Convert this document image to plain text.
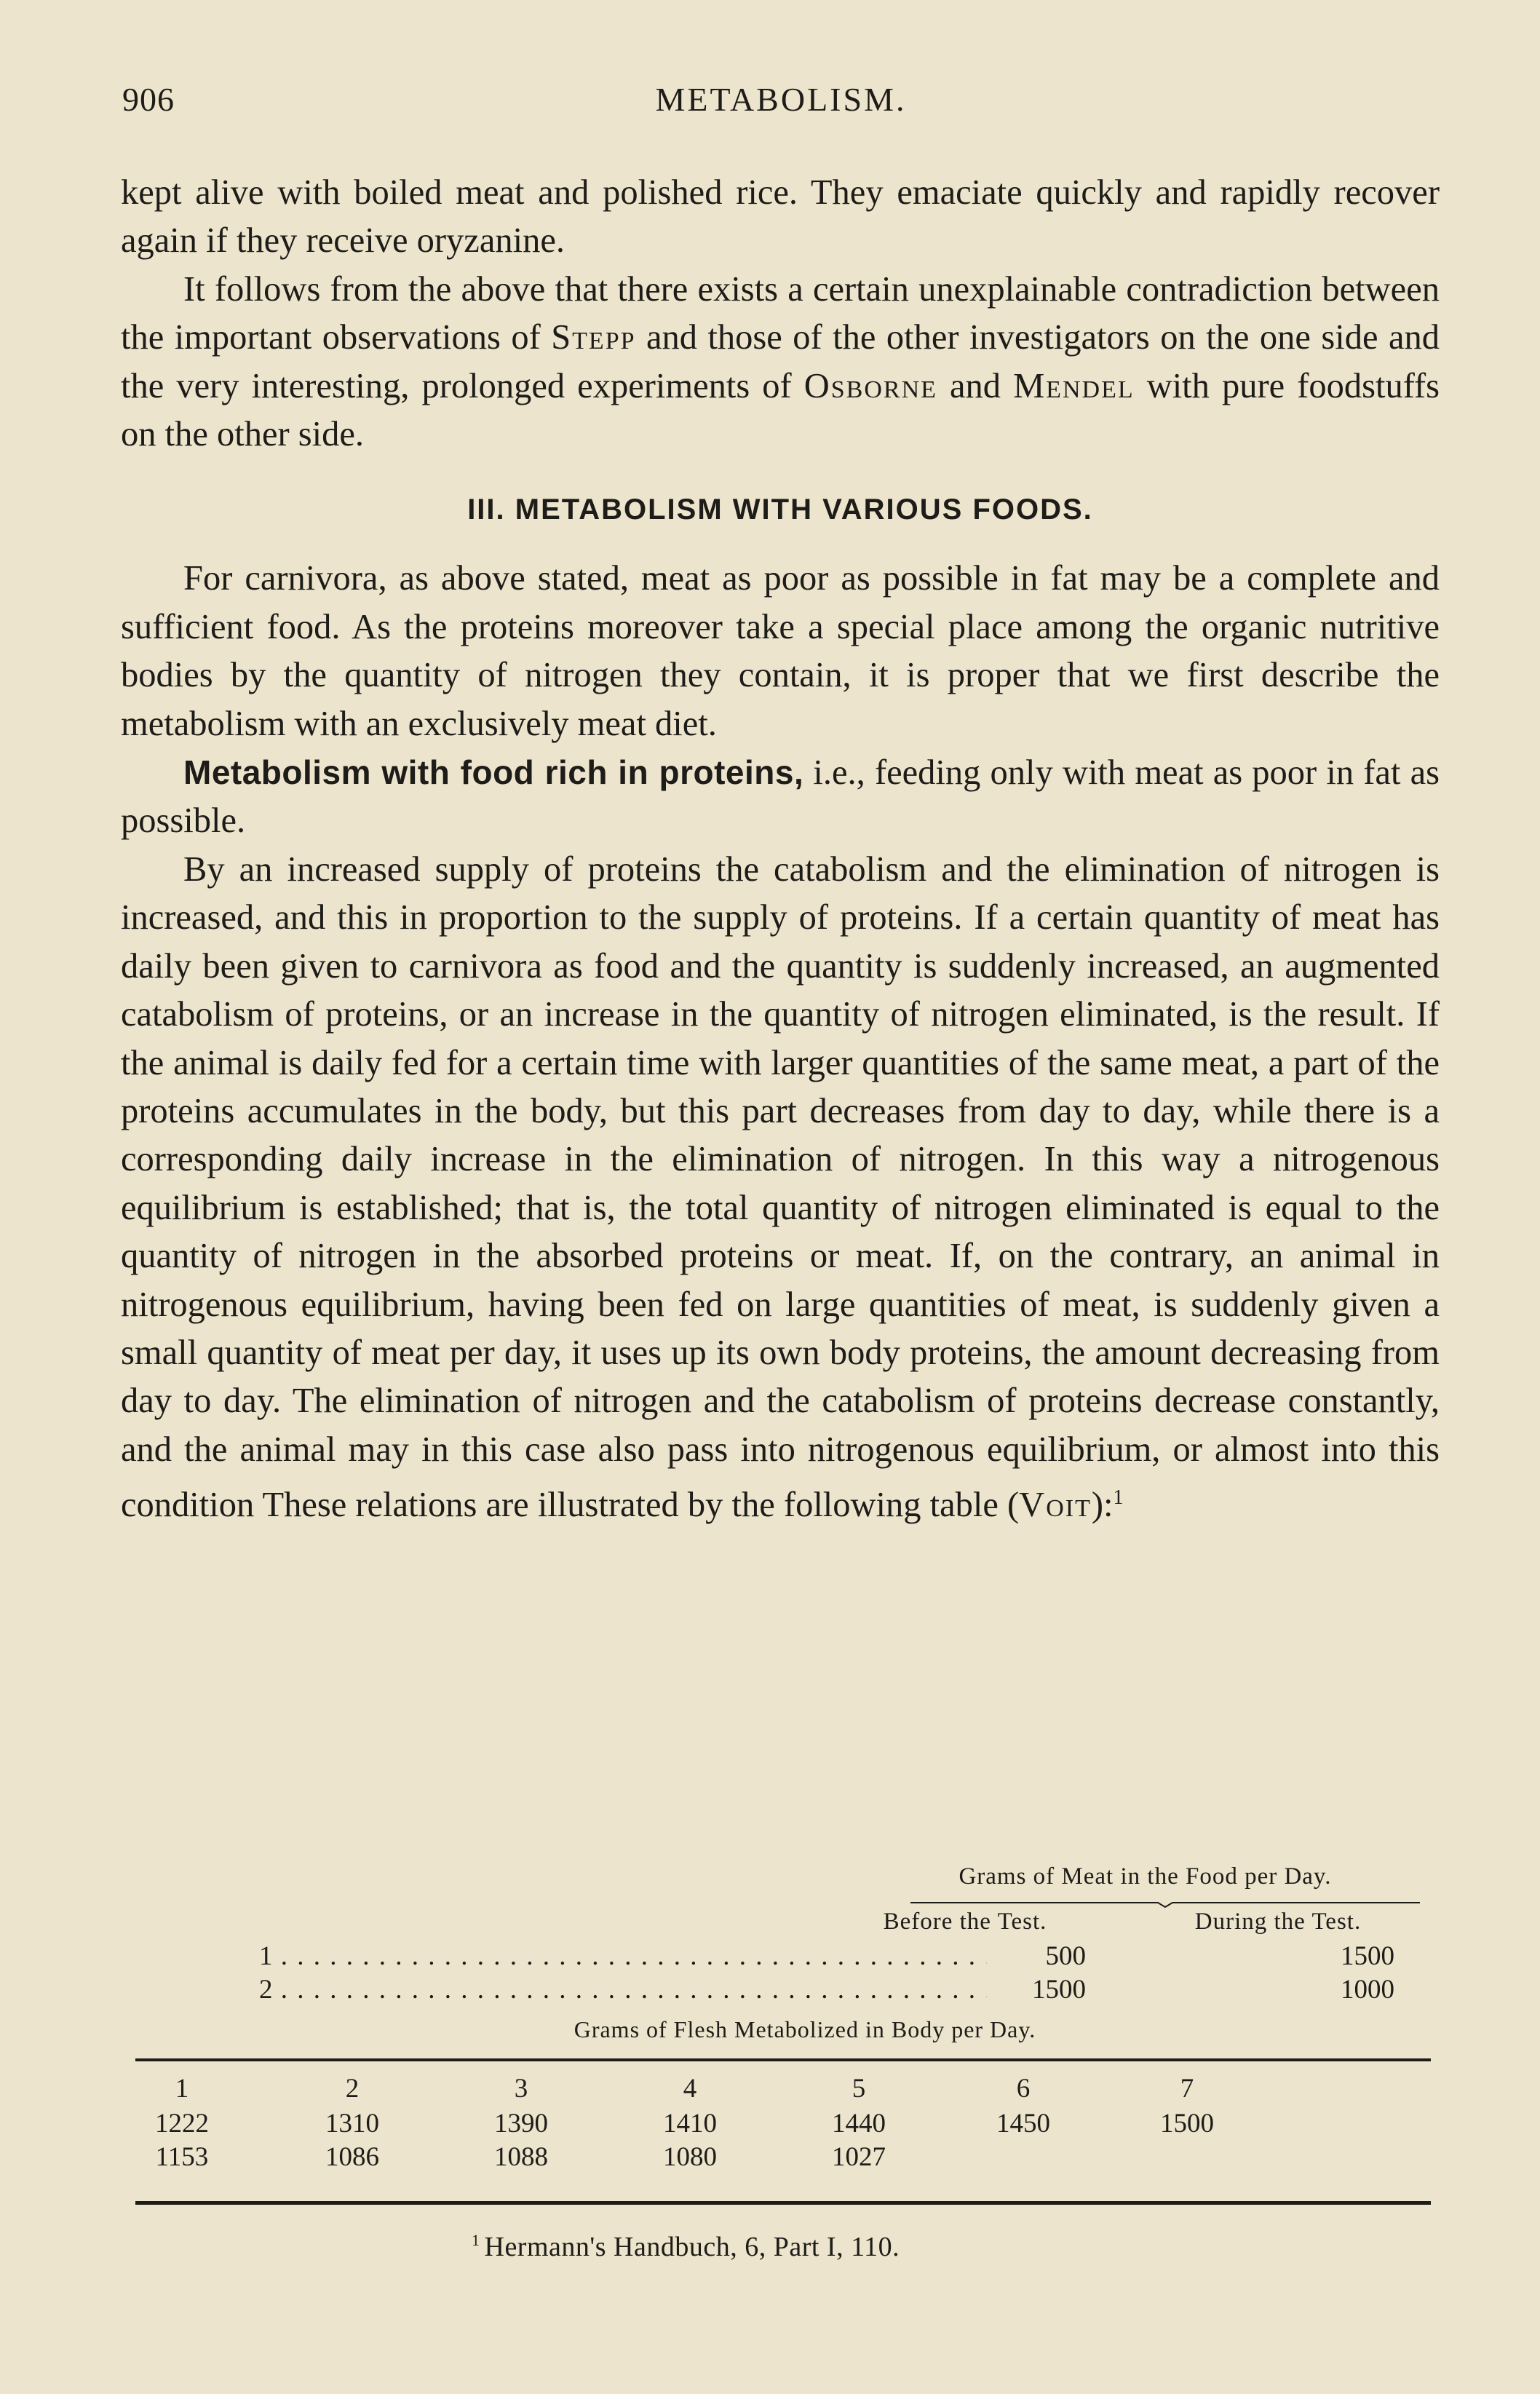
906	METABOLISM.

kept alive with boiled meat and polished rice. They emaciate quickly and rapidly recover again if they receive oryzanine.

It follows from the above that there exists a certain unexplainable contradiction between the important observations of Stepp and those of the other investigators on the one side and the very interesting, prolonged experiments of Osborne and Mendel with pure foodstuffs on the other side.

III. METABOLISM WITH VARIOUS FOODS.

For carnivora, as above stated, meat as poor as possible in fat may be a complete and sufficient food. As the proteins moreover take a special place among the organic nutritive bodies by the quantity of nitrogen they contain, it is proper that we first describe the metabolism with an exclusively meat diet.

Metabolism with food rich in proteins, i.e., feeding only with meat as poor in fat as possible.

By an increased supply of proteins the catabolism and the elimination of nitrogen is increased, and this in proportion to the supply of proteins. If a certain quantity of meat has daily been given to carnivora as food and the quantity is suddenly increased, an augmented catabolism of proteins, or an increase in the quantity of nitrogen eliminated, is the result. If the animal is daily fed for a certain time with larger quantities of the same meat, a part of the proteins accumulates in the body, but this part decreases from day to day, while there is a corresponding daily increase in the elimination of nitrogen. In this way a nitrogenous equilibrium is established; that is, the total quantity of nitrogen eliminated is equal to the quantity of nitrogen in the absorbed proteins or meat. If, on the contrary, an animal in nitrogenous equilibrium, having been fed on large quantities of meat, is suddenly given a small quantity of meat per day, it uses up its own body proteins, the amount decreasing from day to day. The elimination of nitrogen and the catabolism of proteins decrease constantly, and the animal may in this case also pass into nitrogenous equilibrium, or almost into this condition These relations are illustrated by the following table (Voit):$^1$

Grams of Meat in the Food per Day.
Before the Test.	During the Test.
1 . . .	500	1500
2 . . .	1500	1000
Grams of Flesh Metabolized in Body per Day.
1	2	3	4	5	6	7
1222	1310	1390	1410	1440	1450	1500
1153	1086	1088	1080	1027
$^1$ Hermann's Handbuch, 6, Part I, 110.
